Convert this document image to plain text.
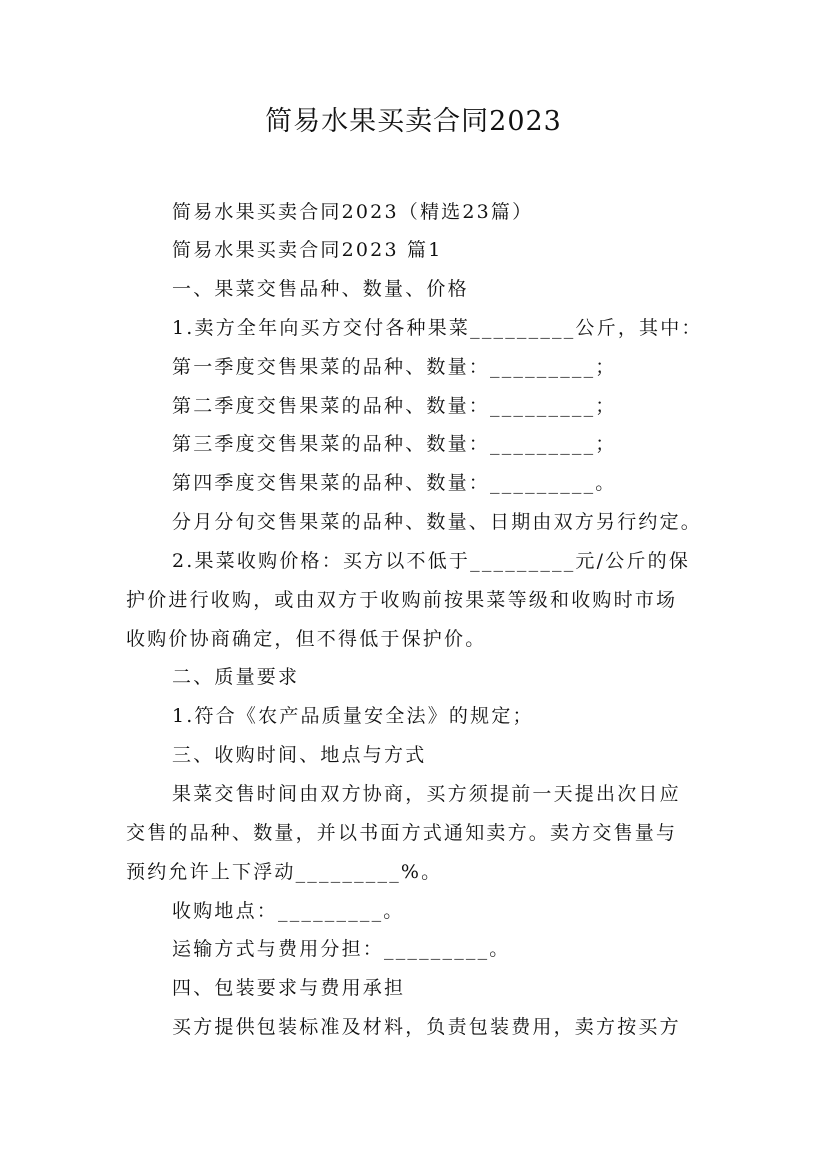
简易水果买卖合同2023
简易水果买卖合同2023（精选23篇）
简易水果买卖合同2023 篇1
一、果菜交售品种、数量、价格
1.卖方全年向买方交付各种果菜_________公斤，其中：
第一季度交售果菜的品种、数量：_________；
第二季度交售果菜的品种、数量：_________；
第三季度交售果菜的品种、数量：_________；
第四季度交售果菜的品种、数量：_________。
分月分旬交售果菜的品种、数量、日期由双方另行约定。
2.果菜收购价格：买方以不低于_________元/公斤的保
护价进行收购，或由双方于收购前按果菜等级和收购时市场
收购价协商确定，但不得低于保护价。
二、质量要求
1.符合《农产品质量安全法》的规定；
三、收购时间、地点与方式
果菜交售时间由双方协商，买方须提前一天提出次日应
交售的品种、数量，并以书面方式通知卖方。卖方交售量与
预约允许上下浮动_________%。
收购地点：_________。
运输方式与费用分担：_________。
四、包装要求与费用承担
买方提供包装标准及材料，负责包装费用，卖方按买方
